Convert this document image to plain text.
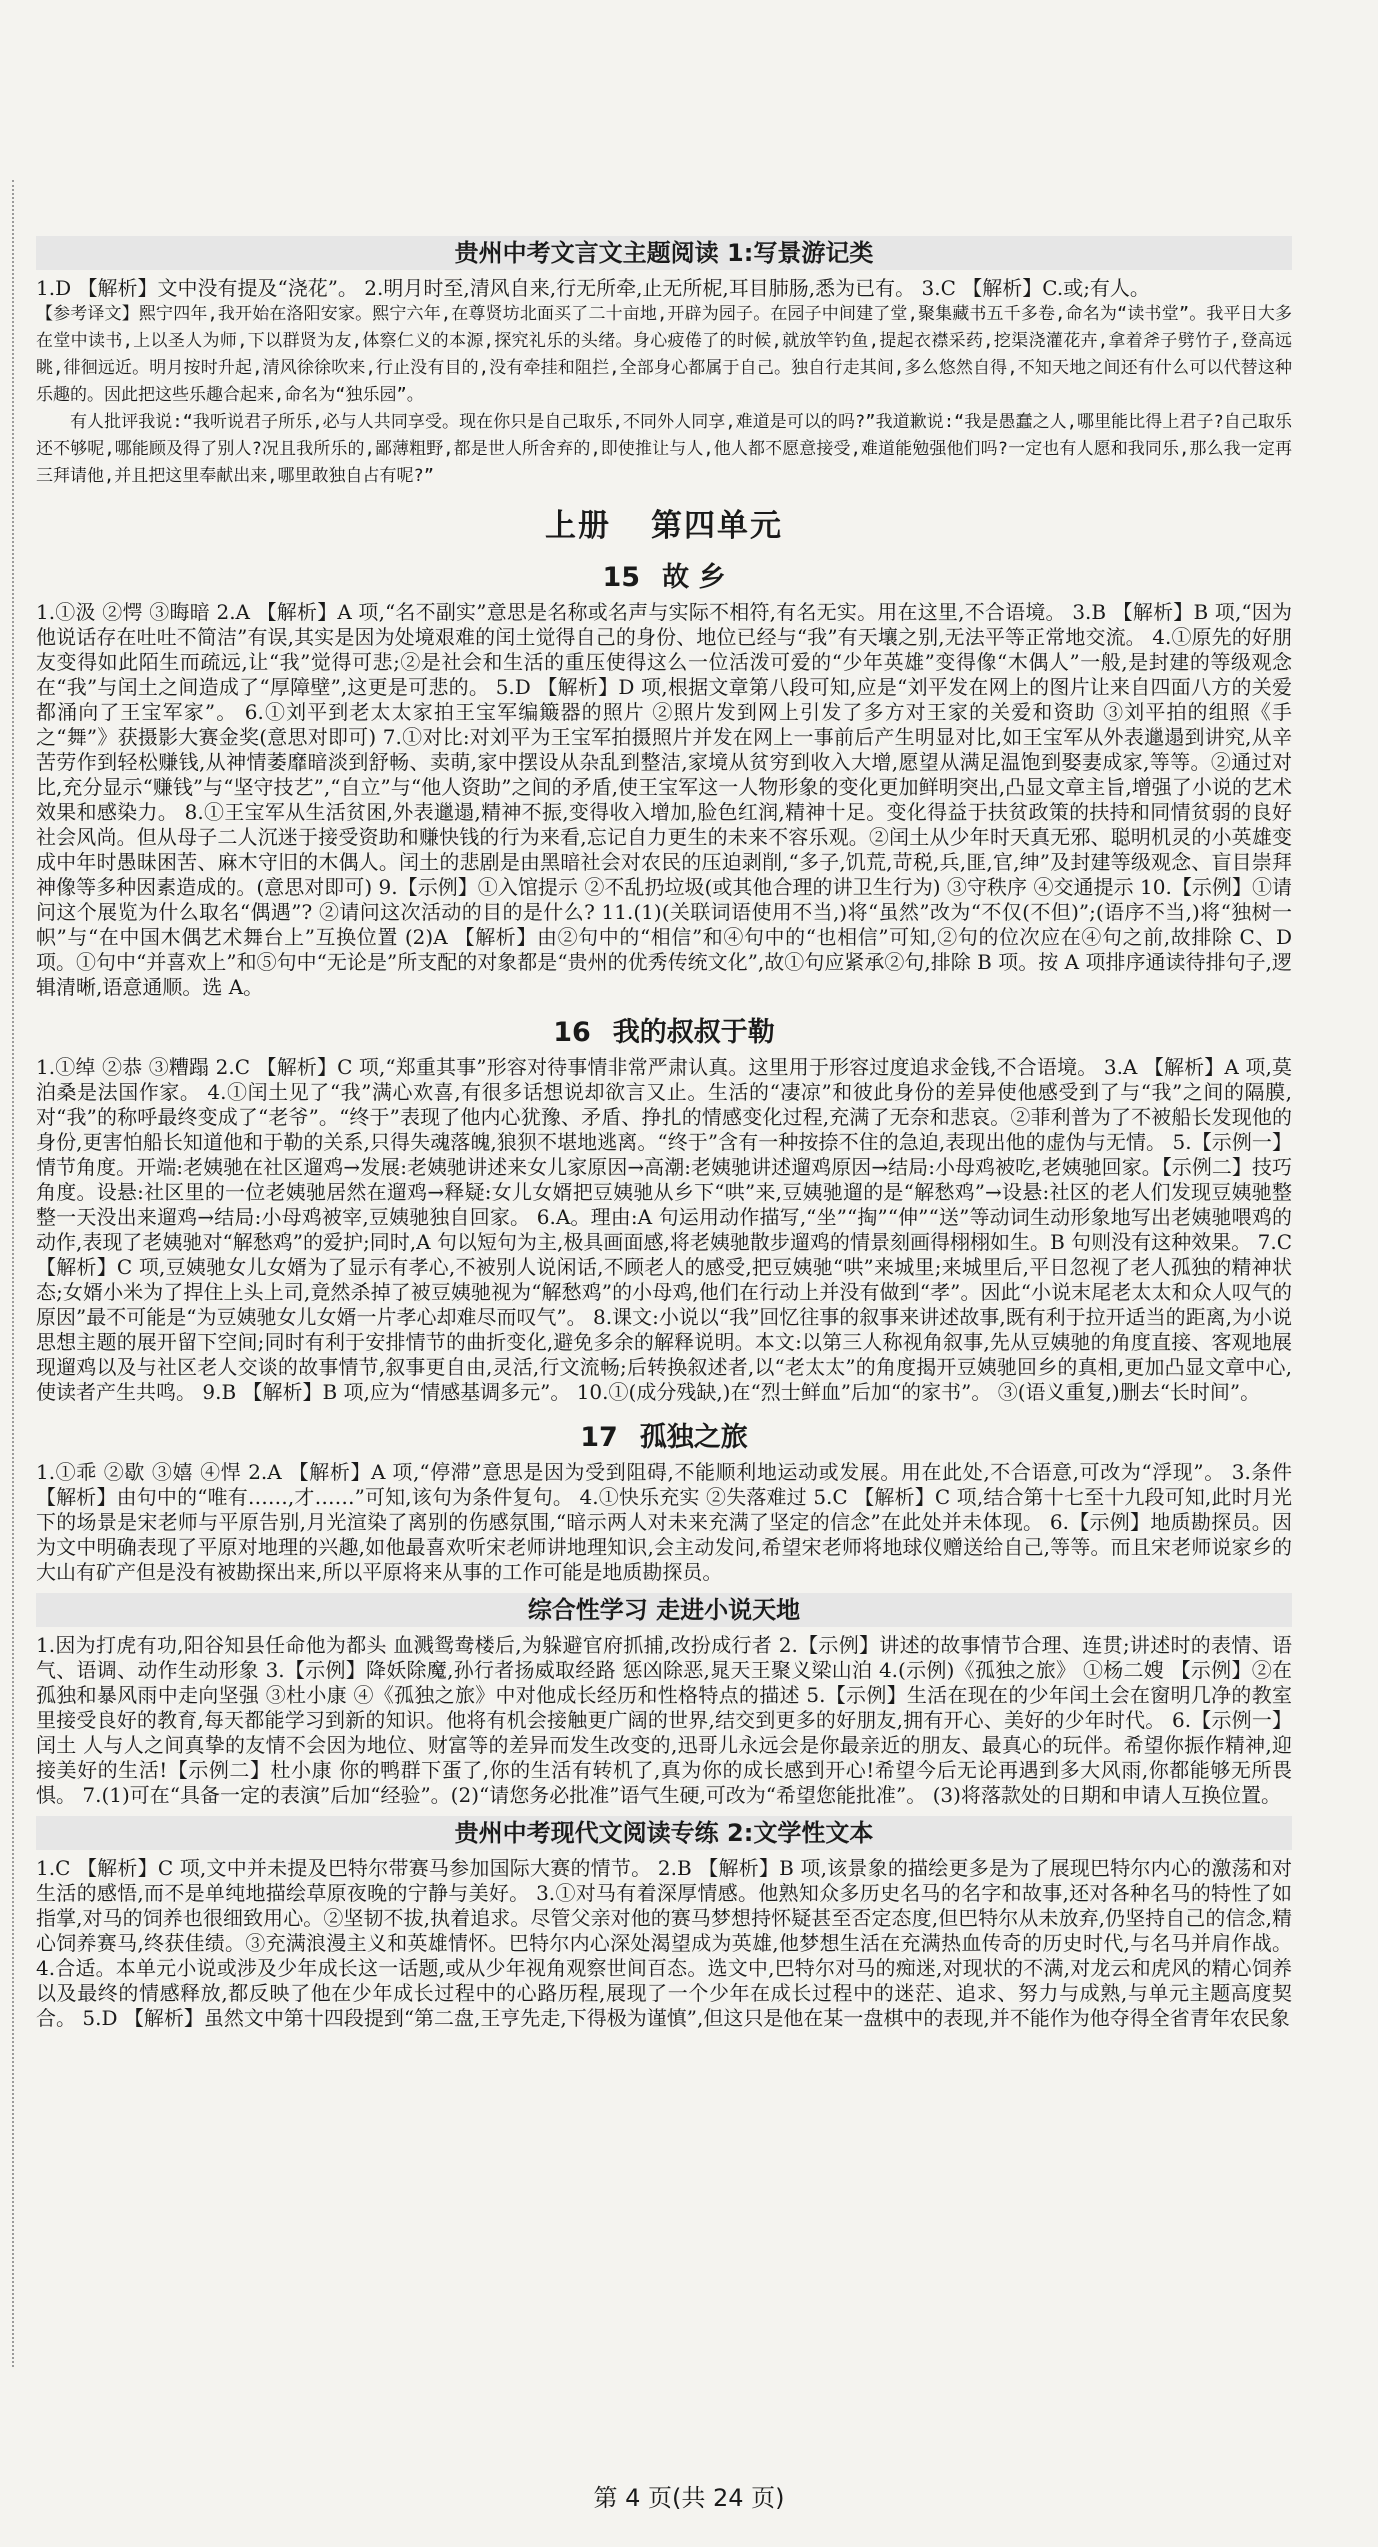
贵州中考文言文主题阅读 1:写景游记类

1.D 【解析】文中没有提及“浇花”。 2.明月时至,清风自来,行无所牵,止无所柅,耳目肺肠,悉为已有。 3.C 【解析】C.或;有人。

【参考译文】熙宁四年,我开始在洛阳安家。熙宁六年,在尊贤坊北面买了二十亩地,开辟为园子。在园子中间建了堂,聚集藏书五千多卷,命名为“读书堂”。我平日大多在堂中读书,上以圣人为师,下以群贤为友,体察仁义的本源,探究礼乐的头绪。身心疲倦了的时候,就放竿钓鱼,提起衣襟采药,挖渠浇灌花卉,拿着斧子劈竹子,登高远眺,徘徊远近。明月按时升起,清风徐徐吹来,行止没有目的,没有牵挂和阻拦,全部身心都属于自己。独自行走其间,多么悠然自得,不知天地之间还有什么可以代替这种乐趣的。因此把这些乐趣合起来,命名为“独乐园”。

有人批评我说:“我听说君子所乐,必与人共同享受。现在你只是自己取乐,不同外人同享,难道是可以的吗?”我道歉说:“我是愚蠢之人,哪里能比得上君子?自己取乐还不够呢,哪能顾及得了别人?况且我所乐的,鄙薄粗野,都是世人所舍弃的,即使推让与人,他人都不愿意接受,难道能勉强他们吗?一定也有人愿和我同乐,那么我一定再三拜请他,并且把这里奉献出来,哪里敢独自占有呢?”

上册 第四单元
15 故 乡

1.①汲 ②愕 ③晦暗 2.A 【解析】A 项,“名不副实”意思是名称或名声与实际不相符,有名无实。用在这里,不合语境。 3.B 【解析】B 项,“因为他说话存在吐吐不简洁”有误,其实是因为处境艰难的闰土觉得自己的身份、地位已经与“我”有天壤之别,无法平等正常地交流。 4.①原先的好朋友变得如此陌生而疏远,让“我”觉得可悲;②是社会和生活的重压使得这么一位活泼可爱的“少年英雄”变得像“木偶人”一般,是封建的等级观念在“我”与闰土之间造成了“厚障壁”,这更是可悲的。 5.D 【解析】D 项,根据文章第八段可知,应是“刘平发在网上的图片让来自四面八方的关爱都涌向了王宝军家”。 6.①刘平到老太太家拍王宝军编簸器的照片 ②照片发到网上引发了多方对王家的关爱和资助 ③刘平拍的组照《手之“舞”》获摄影大赛金奖(意思对即可) 7.①对比:对刘平为王宝军拍摄照片并发在网上一事前后产生明显对比,如王宝军从外表邋遢到讲究,从辛苦劳作到轻松赚钱,从神情萎靡暗淡到舒畅、卖萌,家中摆设从杂乱到整洁,家境从贫穷到收入大增,愿望从满足温饱到娶妻成家,等等。②通过对比,充分显示“赚钱”与“坚守技艺”,“自立”与“他人资助”之间的矛盾,使王宝军这一人物形象的变化更加鲜明突出,凸显文章主旨,增强了小说的艺术效果和感染力。 8.①王宝军从生活贫困,外表邋遢,精神不振,变得收入增加,脸色红润,精神十足。变化得益于扶贫政策的扶持和同情贫弱的良好社会风尚。但从母子二人沉迷于接受资助和赚快钱的行为来看,忘记自力更生的未来不容乐观。②闰土从少年时天真无邪、聪明机灵的小英雄变成中年时愚昧困苦、麻木守旧的木偶人。闰土的悲剧是由黑暗社会对农民的压迫剥削,“多子,饥荒,苛税,兵,匪,官,绅”及封建等级观念、盲目崇拜神像等多种因素造成的。(意思对即可) 9.【示例】①入馆提示 ②不乱扔垃圾(或其他合理的讲卫生行为) ③守秩序 ④交通提示 10.【示例】①请问这个展览为什么取名“偶遇”? ②请问这次活动的目的是什么? 11.(1)(关联词语使用不当,)将“虽然”改为“不仅(不但)”;(语序不当,)将“独树一帜”与“在中国木偶艺术舞台上”互换位置 (2)A 【解析】由②句中的“相信”和④句中的“也相信”可知,②句的位次应在④句之前,故排除 C、D 项。①句中“并喜欢上”和⑤句中“无论是”所支配的对象都是“贵州的优秀传统文化”,故①句应紧承②句,排除 B 项。按 A 项排序通读待排句子,逻辑清晰,语意通顺。选 A。

16 我的叔叔于勒

1.①绰 ②恭 ③糟蹋 2.C 【解析】C 项,“郑重其事”形容对待事情非常严肃认真。这里用于形容过度追求金钱,不合语境。 3.A 【解析】A 项,莫泊桑是法国作家。 4.①闰土见了“我”满心欢喜,有很多话想说却欲言又止。生活的“凄凉”和彼此身份的差异使他感受到了与“我”之间的隔膜,对“我”的称呼最终变成了“老爷”。“终于”表现了他内心犹豫、矛盾、挣扎的情感变化过程,充满了无奈和悲哀。②菲利普为了不被船长发现他的身份,更害怕船长知道他和于勒的关系,只得失魂落魄,狼狈不堪地逃离。“终于”含有一种按捺不住的急迫,表现出他的虚伪与无情。 5.【示例一】情节角度。开端:老姨驰在社区遛鸡→发展:老姨驰讲述来女儿家原因→高潮:老姨驰讲述遛鸡原因→结局:小母鸡被吃,老姨驰回家。【示例二】技巧角度。设悬:社区里的一位老姨驰居然在遛鸡→释疑:女儿女婿把豆姨驰从乡下“哄”来,豆姨驰遛的是“解愁鸡”→设悬:社区的老人们发现豆姨驰整整一天没出来遛鸡→结局:小母鸡被宰,豆姨驰独自回家。 6.A。理由:A 句运用动作描写,“坐”“掏”“伸”“送”等动词生动形象地写出老姨驰喂鸡的动作,表现了老姨驰对“解愁鸡”的爱护;同时,A 句以短句为主,极具画面感,将老姨驰散步遛鸡的情景刻画得栩栩如生。B 句则没有这种效果。 7.C 【解析】C 项,豆姨驰女儿女婿为了显示有孝心,不被别人说闲话,不顾老人的感受,把豆姨驰“哄”来城里;来城里后,平日忽视了老人孤独的精神状态;女婿小米为了捍住上头上司,竟然杀掉了被豆姨驰视为“解愁鸡”的小母鸡,他们在行动上并没有做到“孝”。因此“小说末尾老太太和众人叹气的原因”最不可能是“为豆姨驰女儿女婿一片孝心却难尽而叹气”。 8.课文:小说以“我”回忆往事的叙事来讲述故事,既有利于拉开适当的距离,为小说思想主题的展开留下空间;同时有利于安排情节的曲折变化,避免多余的解释说明。本文:以第三人称视角叙事,先从豆姨驰的角度直接、客观地展现遛鸡以及与社区老人交谈的故事情节,叙事更自由,灵活,行文流畅;后转换叙述者,以“老太太”的角度揭开豆姨驰回乡的真相,更加凸显文章中心,使读者产生共鸣。 9.B 【解析】B 项,应为“情感基调多元”。 10.①(成分残缺,)在“烈士鲜血”后加“的家书”。 ③(语义重复,)删去“长时间”。

17 孤独之旅

1.①乖 ②歇 ③嬉 ④悍 2.A 【解析】A 项,“停滞”意思是因为受到阻碍,不能顺利地运动或发展。用在此处,不合语意,可改为“浮现”。 3.条件 【解析】由句中的“唯有……,才……”可知,该句为条件复句。 4.①快乐充实 ②失落难过 5.C 【解析】C 项,结合第十七至十九段可知,此时月光下的场景是宋老师与平原告别,月光渲染了离别的伤感氛围,“暗示两人对未来充满了坚定的信念”在此处并未体现。 6.【示例】地质勘探员。因为文中明确表现了平原对地理的兴趣,如他最喜欢听宋老师讲地理知识,会主动发问,希望宋老师将地球仪赠送给自己,等等。而且宋老师说家乡的大山有矿产但是没有被勘探出来,所以平原将来从事的工作可能是地质勘探员。

综合性学习 走进小说天地

1.因为打虎有功,阳谷知县任命他为都头 血溅鸳鸯楼后,为躲避官府抓捕,改扮成行者 2.【示例】讲述的故事情节合理、连贯;讲述时的表情、语气、语调、动作生动形象 3.【示例】降妖除魔,孙行者扬威取经路 惩凶除恶,晁天王聚义梁山泊 4.(示例)《孤独之旅》 ①杨二嫂 【示例】②在孤独和暴风雨中走向坚强 ③杜小康 ④《孤独之旅》中对他成长经历和性格特点的描述 5.【示例】生活在现在的少年闰土会在窗明几净的教室里接受良好的教育,每天都能学习到新的知识。他将有机会接触更广阔的世界,结交到更多的好朋友,拥有开心、美好的少年时代。 6.【示例一】闰土 人与人之间真挚的友情不会因为地位、财富等的差异而发生改变的,迅哥儿永远会是你最亲近的朋友、最真心的玩伴。希望你振作精神,迎接美好的生活!【示例二】杜小康 你的鸭群下蛋了,你的生活有转机了,真为你的成长感到开心!希望今后无论再遇到多大风雨,你都能够无所畏惧。 7.(1)可在“具备一定的表演”后加“经验”。(2)“请您务必批准”语气生硬,可改为“希望您能批准”。 (3)将落款处的日期和申请人互换位置。

贵州中考现代文阅读专练 2:文学性文本

1.C 【解析】C 项,文中并未提及巴特尔带赛马参加国际大赛的情节。 2.B 【解析】B 项,该景象的描绘更多是为了展现巴特尔内心的激荡和对生活的感悟,而不是单纯地描绘草原夜晚的宁静与美好。 3.①对马有着深厚情感。他熟知众多历史名马的名字和故事,还对各种名马的特性了如指掌,对马的饲养也很细致用心。②坚韧不拔,执着追求。尽管父亲对他的赛马梦想持怀疑甚至否定态度,但巴特尔从未放弃,仍坚持自己的信念,精心饲养赛马,终获佳绩。③充满浪漫主义和英雄情怀。巴特尔内心深处渴望成为英雄,他梦想生活在充满热血传奇的历史时代,与名马并肩作战。 4.合适。本单元小说或涉及少年成长这一话题,或从少年视角观察世间百态。选文中,巴特尔对马的痴迷,对现状的不满,对龙云和虎风的精心饲养以及最终的情感释放,都反映了他在少年成长过程中的心路历程,展现了一个少年在成长过程中的迷茫、追求、努力与成熟,与单元主题高度契合。 5.D 【解析】虽然文中第十四段提到“第二盘,王亨先走,下得极为谨慎”,但这只是他在某一盘棋中的表现,并不能作为他夺得全省青年农民象

第 4 页(共 24 页)
